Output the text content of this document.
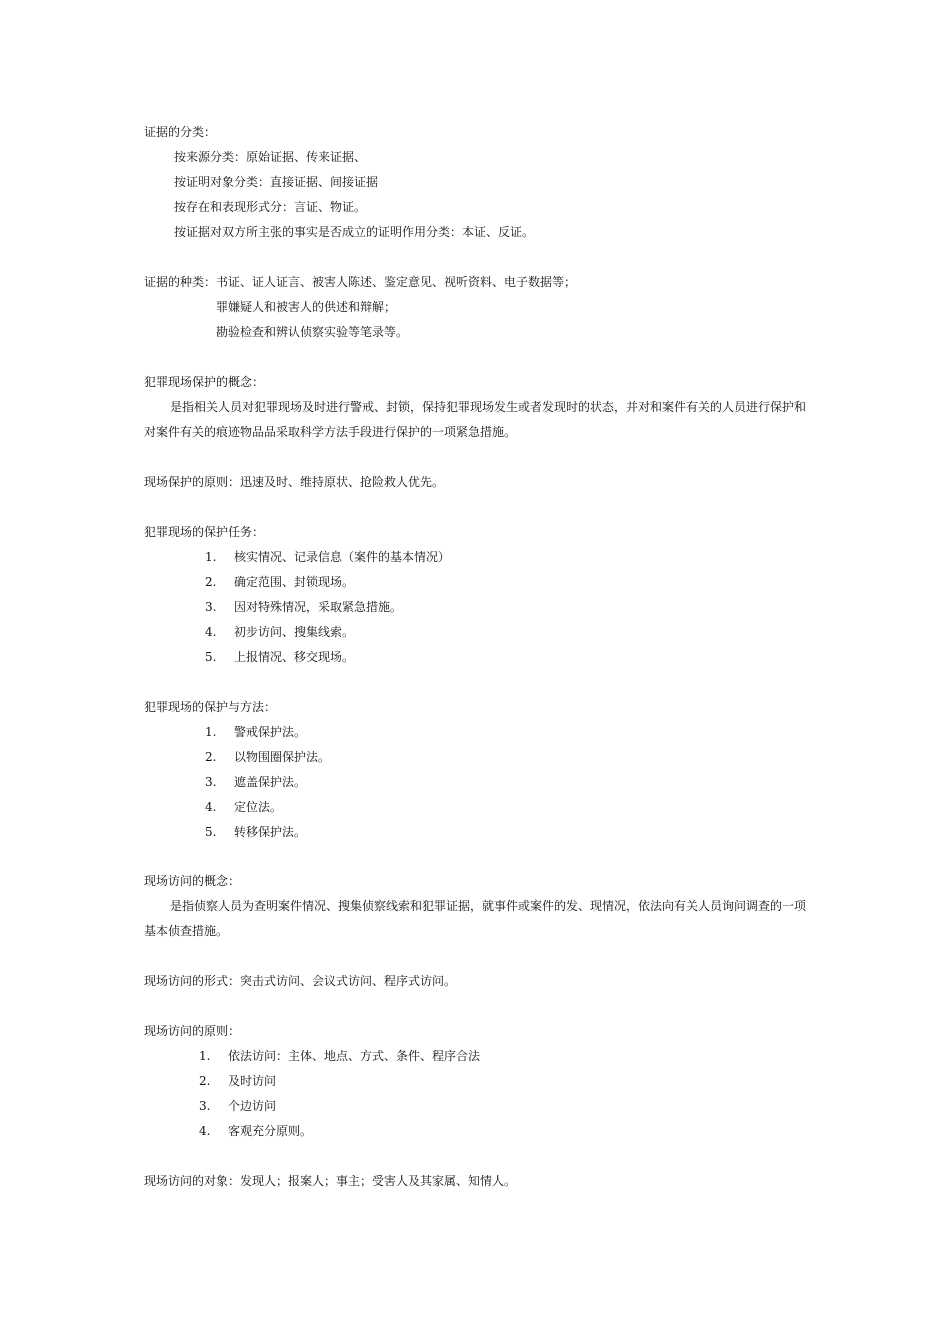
证据的分类：
按来源分类：原始证据、传来证据、
按证明对象分类：直接证据、间接证据
按存在和表现形式分：言证、物证。
按证据对双方所主张的事实是否成立的证明作用分类：本证、反证。
证据的种类：书证、证人证言、被害人陈述、鉴定意见、视听资料、电子数据等；
罪嫌疑人和被害人的供述和辩解；
勘验检查和辨认侦察实验等笔录等。
犯罪现场保护的概念：
是指相关人员对犯罪现场及时进行警戒、封锁，保持犯罪现场发生或者发现时的状态，并对和案件有关的人员进行保护和
对案件有关的痕迹物品品采取科学方法手段进行保护的一项紧急措施。
现场保护的原则：迅速及时、维持原状、抢险救人优先。
犯罪现场的保护任务：
1. 核实情况、记录信息（案件的基本情况）
2. 确定范围、封锁现场。
3. 因对特殊情况，采取紧急措施。
4. 初步访问、搜集线索。
5. 上报情况、移交现场。
犯罪现场的保护与方法：
1. 警戒保护法。
2. 以物围圈保护法。
3. 遮盖保护法。
4. 定位法。
5. 转移保护法。
现场访问的概念：
是指侦察人员为查明案件情况、搜集侦察线索和犯罪证据，就事件或案件的发、现情况，依法向有关人员询问调查的一项
基本侦查措施。
现场访问的形式：突击式访问、会议式访问、程序式访问。
现场访问的原则：
1. 依法访问：主体、地点、方式、条件、程序合法
2. 及时访问
3. 个边访问
4. 客观充分原则。
现场访问的对象：发现人；报案人；事主；受害人及其家属、知情人。
